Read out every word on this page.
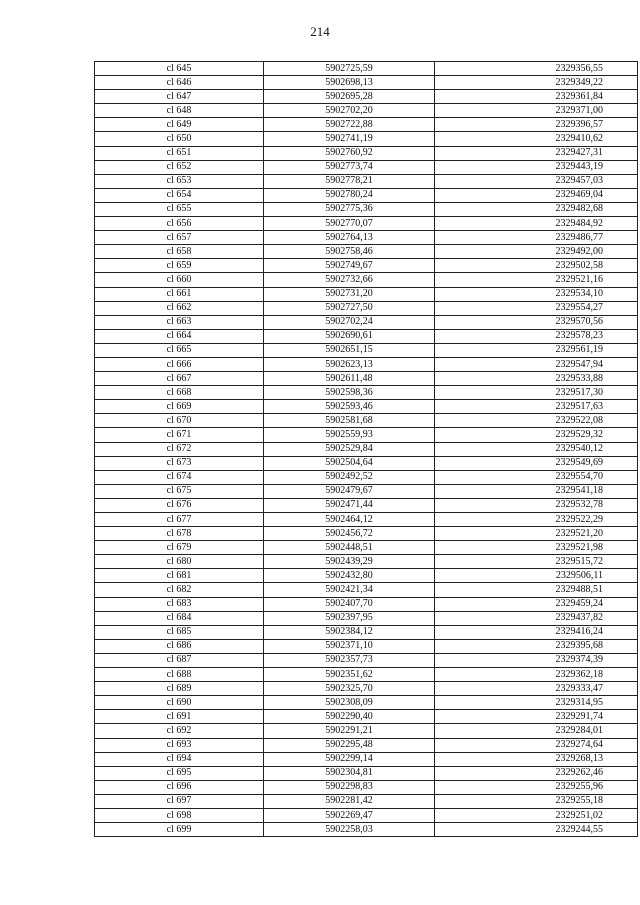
214
cl 645	5902725,59	2329356,55
cl 646	5902698,13	2329349,22
cl 647	5902695,28	2329361,84
cl 648	5902702,20	2329371,00
cl 649	5902722,88	2329396,57
cl 650	5902741,19	2329410,62
cl 651	5902760,92	2329427,31
cl 652	5902773,74	2329443,19
cl 653	5902778,21	2329457,03
cl 654	5902780,24	2329469,04
cl 655	5902775,36	2329482,68
cl 656	5902770,07	2329484,92
cl 657	5902764,13	2329486,77
cl 658	5902758,46	2329492,00
cl 659	5902749,67	2329502,58
cl 660	5902732,66	2329521,16
cl 661	5902731,20	2329534,10
cl 662	5902727,50	2329554,27
cl 663	5902702,24	2329570,56
cl 664	5902690,61	2329578,23
cl 665	5902651,15	2329561,19
cl 666	5902623,13	2329547,94
cl 667	5902611,48	2329533,88
cl 668	5902598,36	2329517,30
cl 669	5902593,46	2329517,63
cl 670	5902581,68	2329522,08
cl 671	5902559,93	2329529,32
cl 672	5902529,84	2329540,12
cl 673	5902504,64	2329549,69
cl 674	5902492,52	2329554,70
cl 675	5902479,67	2329541,18
cl 676	5902471,44	2329532,78
cl 677	5902464,12	2329522,29
cl 678	5902456,72	2329521,20
cl 679	5902448,51	2329521,98
cl 680	5902439,29	2329515,72
cl 681	5902432,80	2329506,11
cl 682	5902421,34	2329488,51
cl 683	5902407,70	2329459,24
cl 684	5902397,95	2329437,82
cl 685	5902384,12	2329416,24
cl 686	5902371,10	2329395,68
cl 687	5902357,73	2329374,39
cl 688	5902351,62	2329362,18
cl 689	5902325,70	2329333,47
cl 690	5902308,09	2329314,95
cl 691	5902290,40	2329291,74
cl 692	5902291,21	2329284,01
cl 693	5902295,48	2329274,64
cl 694	5902299,14	2329268,13
cl 695	5902304,81	2329262,46
cl 696	5902298,83	2329255,96
cl 697	5902281,42	2329255,18
cl 698	5902269,47	2329251,02
cl 699	5902258,03	2329244,55
